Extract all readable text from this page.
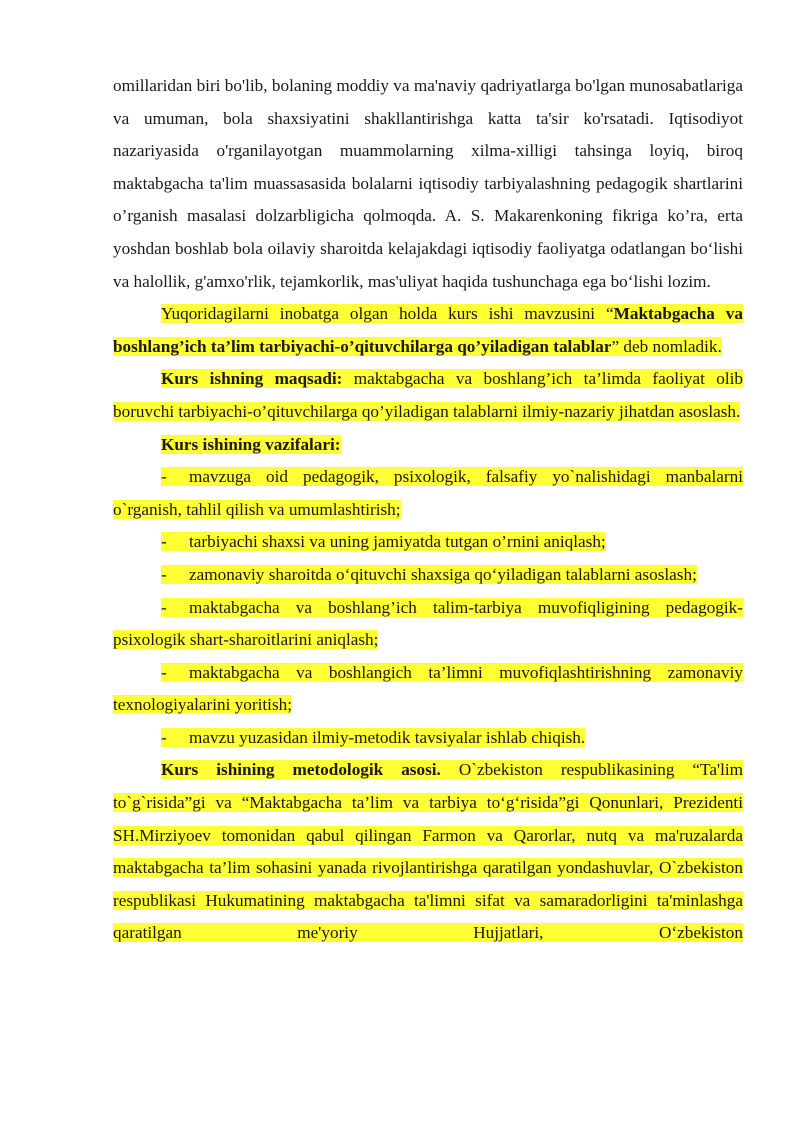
omillaridan biri bo'lib, bolaning moddiy va ma'naviy qadriyatlarga bo'lgan munosabatlariga va umuman, bola shaxsiyatini shakllantirishga katta ta'sir ko'rsatadi. Iqtisodiyot nazariyasida o'rganilayotgan muammolarning xilma-xilligi tahsinga loyiq, biroq maktabgacha ta'lim muassasasida bolalarni iqtisodiy tarbiyalashning pedagogik shartlarini o’rganish masalasi dolzarbligicha qolmoqda. A. S. Makarenkoning fikriga ko’ra, erta yoshdan boshlab bola oilaviy sharoitda kelajakdagi iqtisodiy faoliyatga odatlangan bo‘lishi va halollik, g'amxo'rlik, tejamkorlik, mas'uliyat haqida tushunchaga ega bo‘lishi lozim.

Yuqoridagilarni inobatga olgan holda kurs ishi mavzusini “Maktabgacha va boshlang’ich ta’lim tarbiyachi-o’qituvchilarga qo’yiladigan talablar” deb nomladik.

Kurs ishning maqsadi: maktabgacha va boshlang’ich ta’limda faoliyat olib boruvchi tarbiyachi-o’qituvchilarga qo’yiladigan talablarni ilmiy-nazariy jihatdan asoslash.

Kurs ishining vazifalari:

- mavzuga oid pedagogik, psixologik, falsafiy yo`nalishidagi manbalarni o`rganish, tahlil qilish va umumlashtirish;

- tarbiyachi shaxsi va uning jamiyatda tutgan o’rnini aniqlash;

- zamonaviy sharoitda o‘qituvchi shaxsiga qo‘yiladigan talablarni asoslash;

- maktabgacha va boshlang’ich talim-tarbiya muvofiqligining pedagogik-psixologik shart-sharoitlarini aniqlash;

- maktabgacha va boshlangich ta’limni muvofiqlashtirishning zamonaviy texnologiyalarini yoritish;

- mavzu yuzasidan ilmiy-metodik tavsiyalar ishlab chiqish.

Kurs ishining metodologik asosi. O`zbekiston respublikasining “Ta'lim to`g`risida”gi va “Maktabgacha ta’lim va tarbiya to‘g‘risida”gi Qonunlari, Prezidenti SH.Mirziyoev tomonidan qabul qilingan Farmon va Qarorlar, nutq va ma'ruzalarda maktabgacha ta’lim sohasini yanada rivojlantirishga qaratilgan yondashuvlar, O`zbekiston respublikasi Hukumatining maktabgacha ta'limni sifat va samaradorligini ta'minlashga qaratilgan me'yoriy Hujjatlari, O‘zbekiston
